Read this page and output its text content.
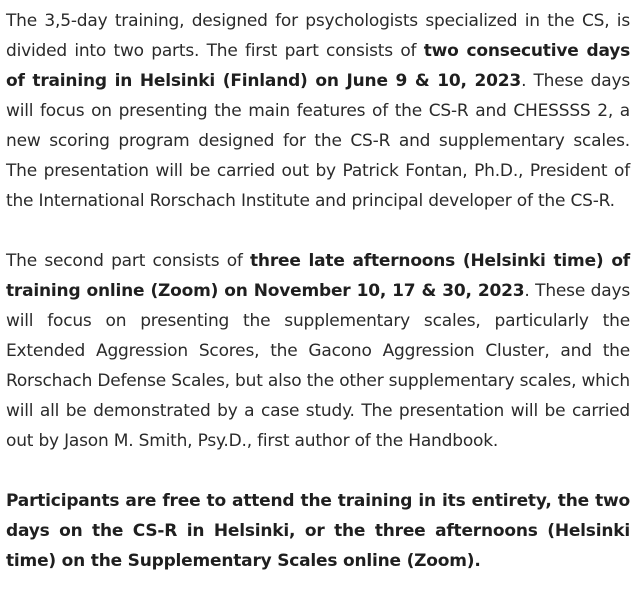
The 3,5-day training, designed for psychologists specialized in the CS, is divided into two parts. The first part consists of two consecutive days of training in Helsinki (Finland) on June 9 & 10, 2023. These days will focus on presenting the main features of the CS-R and CHESSSS 2, a new scoring program designed for the CS-R and supplementary scales. The presentation will be carried out by Patrick Fontan, Ph.D., President of the International Rorschach Institute and principal developer of the CS-R.

The second part consists of three late afternoons (Helsinki time) of training online (Zoom) on November 10, 17 & 30, 2023. These days will focus on presenting the supplementary scales, particularly the Extended Aggression Scores, the Gacono Aggression Cluster, and the Rorschach Defense Scales, but also the other supplementary scales, which will all be demonstrated by a case study. The presentation will be carried out by Jason M. Smith, Psy.D., first author of the Handbook.

Participants are free to attend the training in its entirety, the two days on the CS-R in Helsinki, or the three afternoons (Helsinki time) on the Supplementary Scales online (Zoom).
